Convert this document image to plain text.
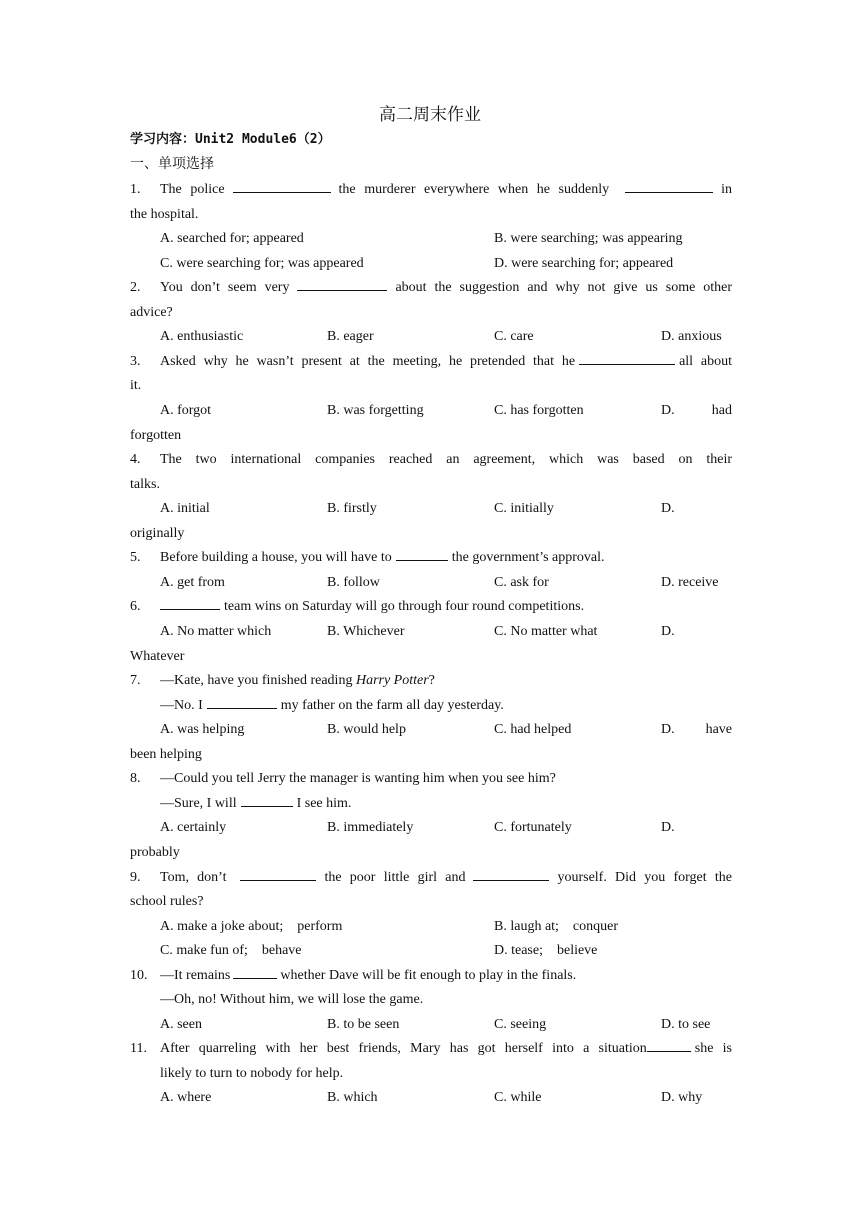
高二周末作业
学习内容：Unit2 Module6（2）
一、单项选择
1. The police	the murderer everywhere when he suddenly	in
the hospital.
A. searched for; appeared	B. were searching; was appearing
C. were searching for; was appeared	D. were searching for; appeared
2. You don’t seem very	about the suggestion and why not give us some other
advice?
A. enthusiastic	B. eager	C. care	D. anxious
3. Asked why he wasn’t present at the meeting, he pretended that he	all about
it.
A. forgot	B. was forgetting	C. has forgotten	D.	had
forgotten
4. The two international companies reached an agreement, which was based on their
talks.
A. initial	B. firstly	C. initially	D.
originally
5. Before building a house, you will have to	the government’s approval.
A. get from	B. follow	C. ask for	D. receive
6.	team wins on Saturday will go through four round competitions.
A. No matter which	B. Whichever	C. No matter what	D.
Whatever
7. —Kate, have you finished reading Harry Potter?
—No. I	my father on the farm all day yesterday.
A. was helping	B. would help	C. had helped	D. have
been helping
8. —Could you tell Jerry the manager is wanting him when you see him?
—Sure, I will	I see him.
A. certainly	B. immediately	C. fortunately	D.
probably
9. Tom, don’t	the poor little girl and	yourself. Did you forget the
school rules?
A. make a joke about;    perform	B. laugh at;    conquer
C. make fun of;    behave	D. tease;    believe
10. —It remains	whether Dave will be fit enough to play in the finals.
—Oh, no! Without him, we will lose the game.
A. seen	B. to be seen	C. seeing	D. to see
11. After quarreling with her best friends, Mary has got herself into a situation	she is
likely to turn to nobody for help.
A. where	B. which	C. while	D. why
